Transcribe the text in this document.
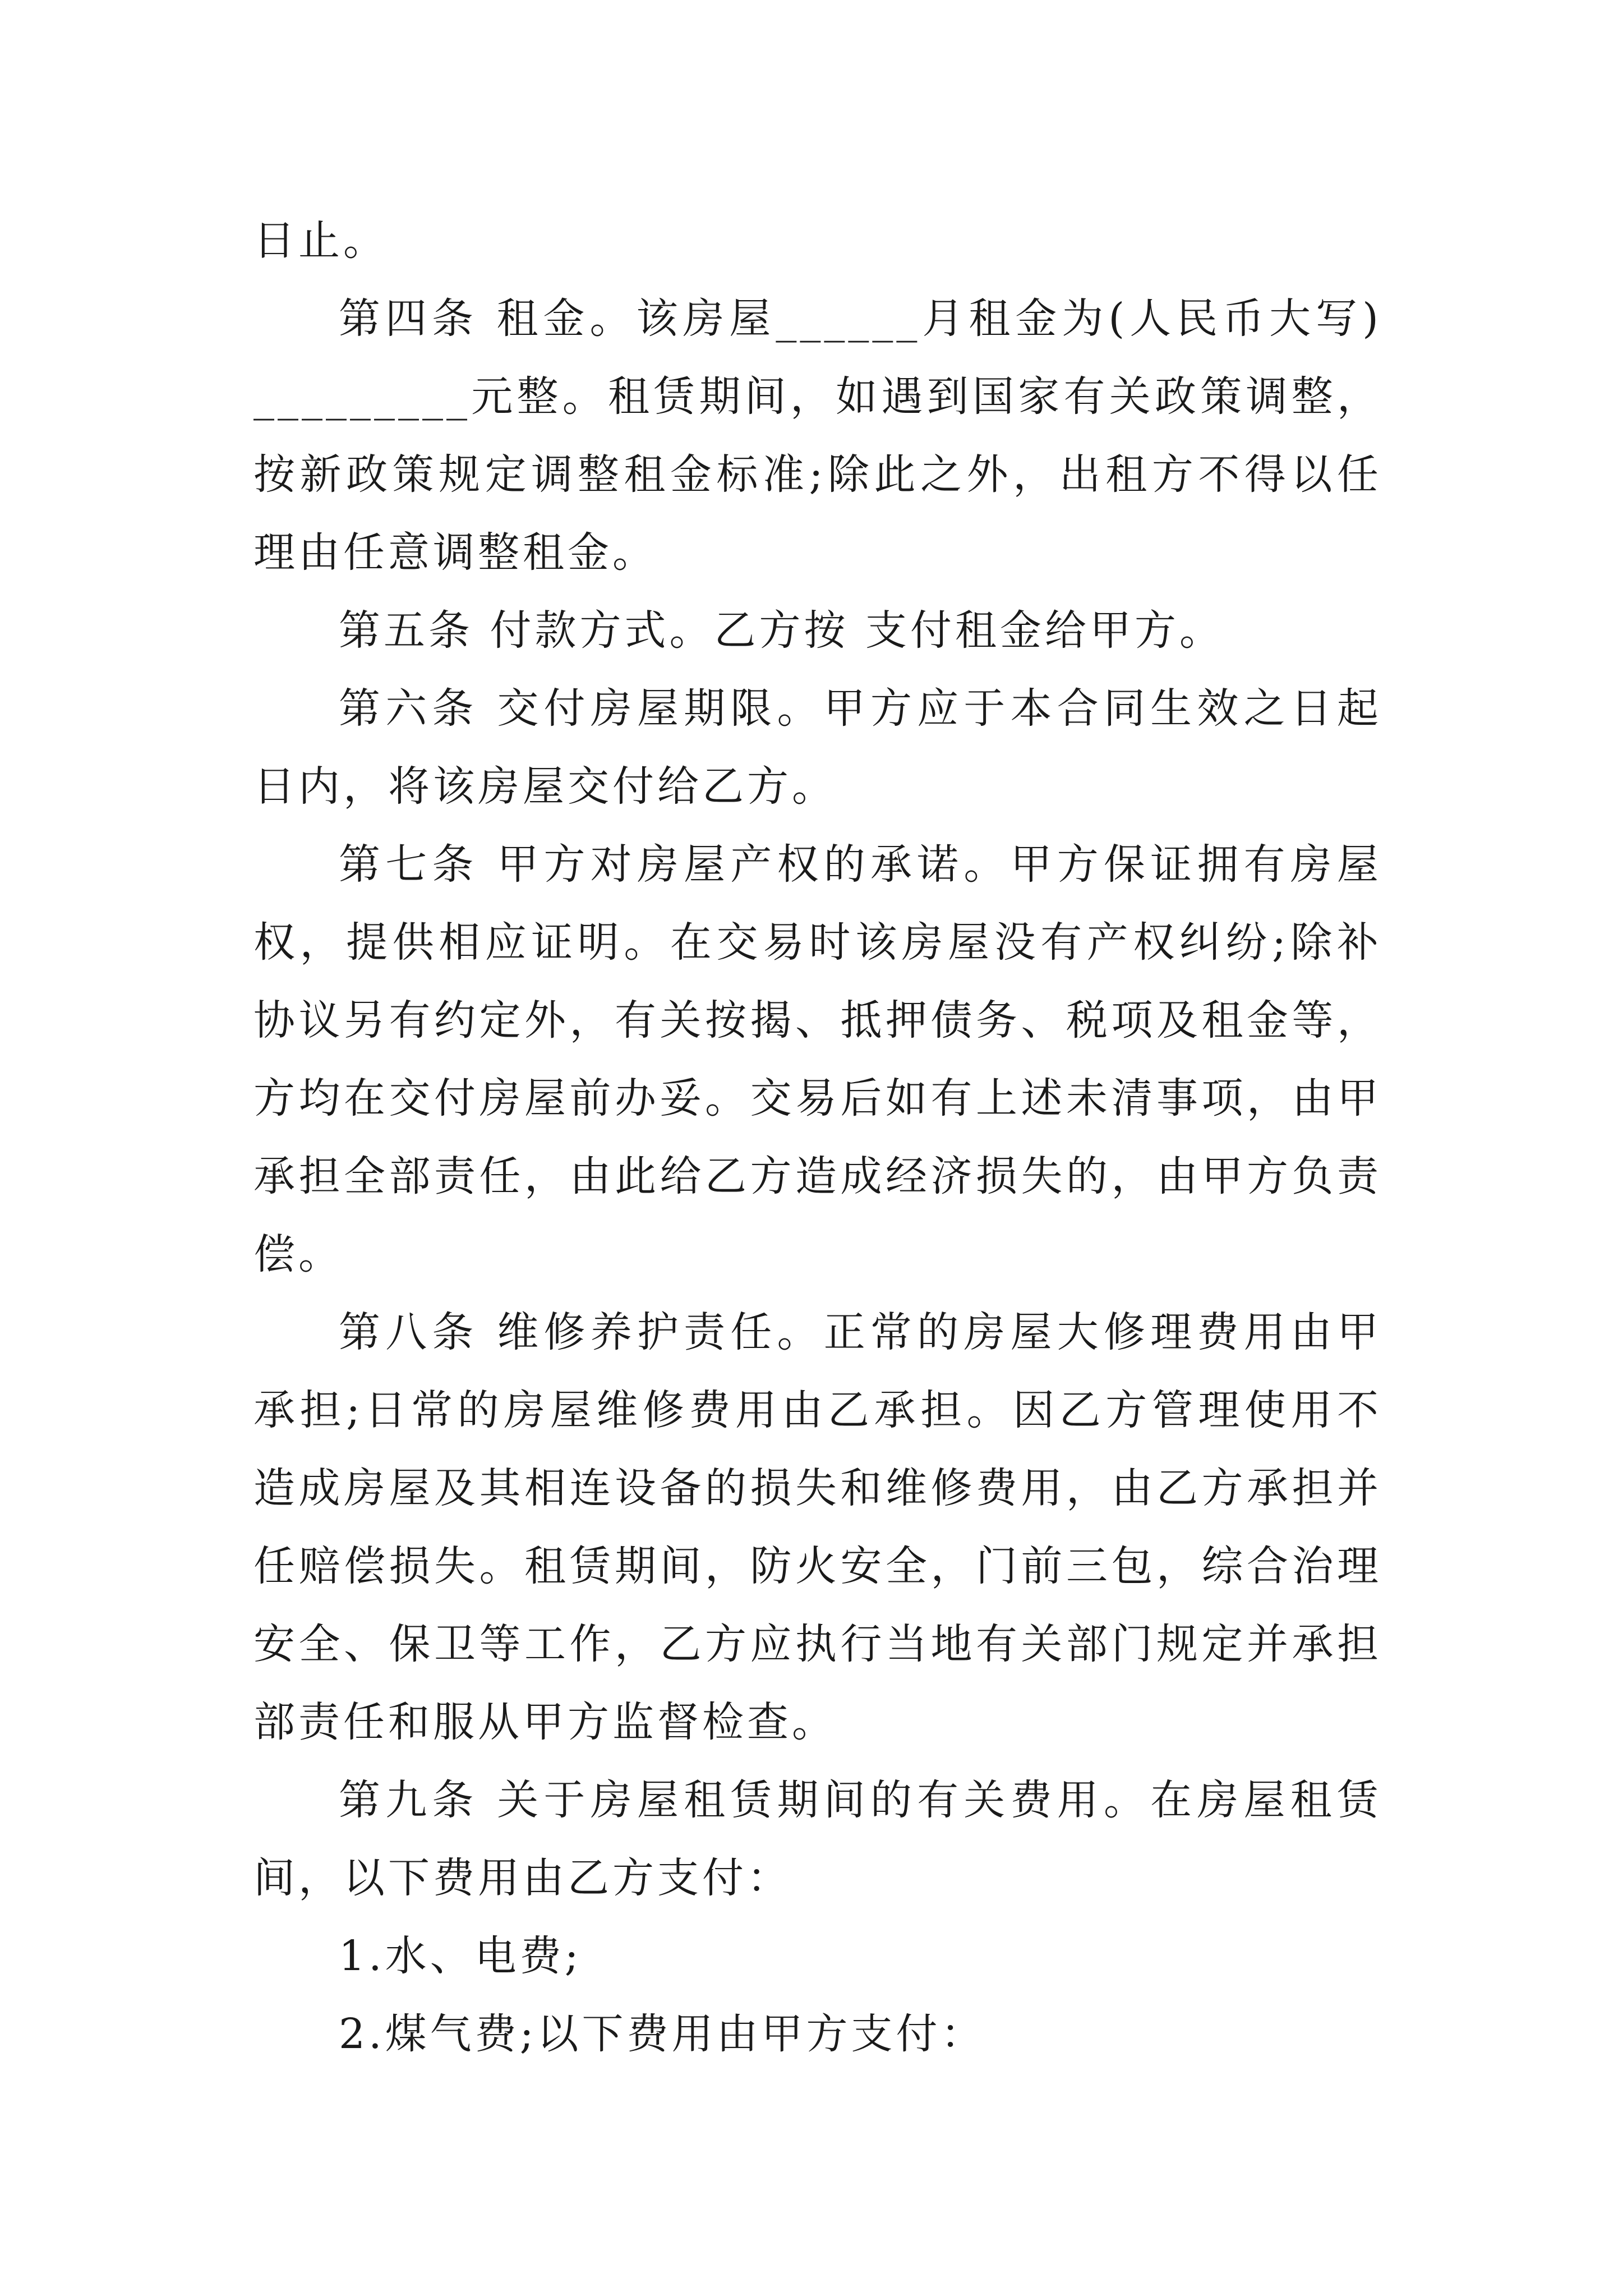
日止。
第四条 租金。该房屋______月租金为(人民币大写)
_________元整。租赁期间，如遇到国家有关政策调整，
按新政策规定调整租金标准;除此之外，出租方不得以任
理由任意调整租金。
第五条 付款方式。乙方按 支付租金给甲方。
第六条 交付房屋期限。甲方应于本合同生效之日起
日内，将该房屋交付给乙方。
第七条 甲方对房屋产权的承诺。甲方保证拥有房屋
权，提供相应证明。在交易时该房屋没有产权纠纷;除补
协议另有约定外，有关按揭、抵押债务、税项及租金等，
方均在交付房屋前办妥。交易后如有上述未清事项，由甲
承担全部责任，由此给乙方造成经济损失的，由甲方负责
偿。
第八条 维修养护责任。正常的房屋大修理费用由甲
承担;日常的房屋维修费用由乙承担。因乙方管理使用不
造成房屋及其相连设备的损失和维修费用，由乙方承担并
任赔偿损失。租赁期间，防火安全，门前三包，综合治理
安全、保卫等工作，乙方应执行当地有关部门规定并承担
部责任和服从甲方监督检查。
第九条 关于房屋租赁期间的有关费用。在房屋租赁
间，以下费用由乙方支付：
1.水、电费;
2.煤气费;以下费用由甲方支付：
